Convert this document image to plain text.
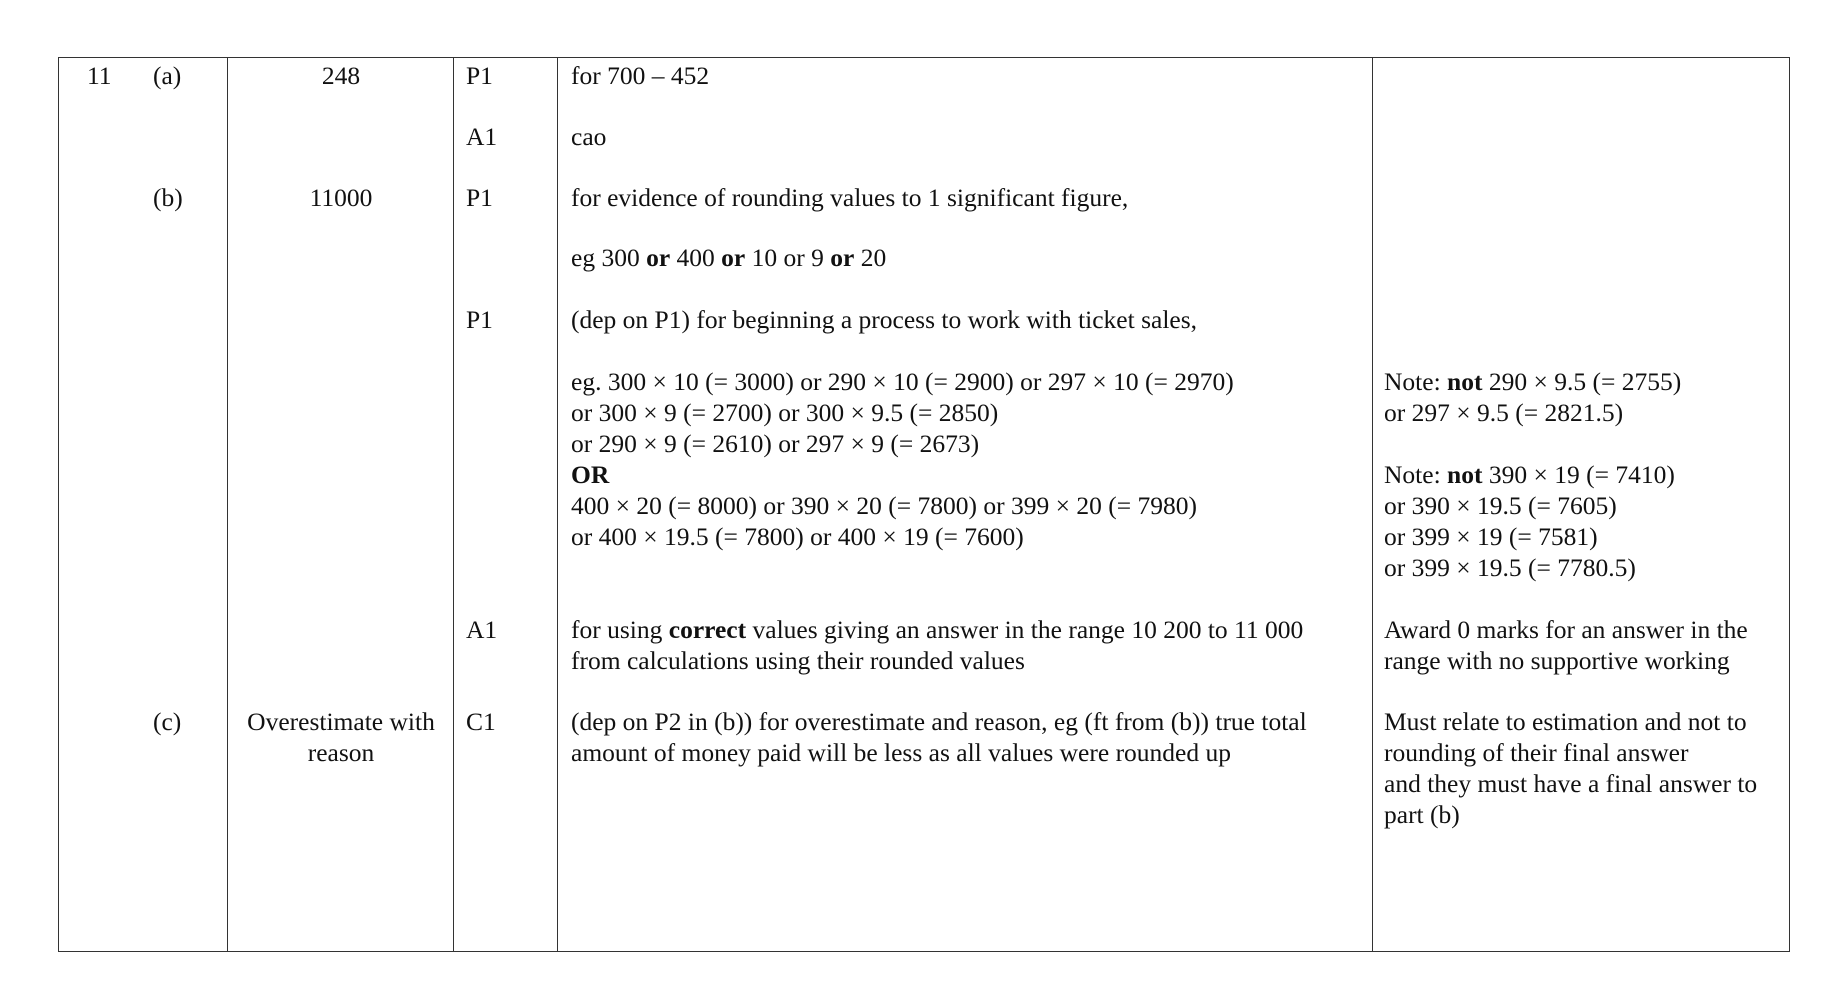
11 (a)
(b)
(c)
248
11000
Overestimate with
reason
P1
A1
P1
P1
A1
C1
for 700 – 452
cao
for evidence of rounding values to 1 significant figure,
eg 300 or 400 or 10 or 9 or 20
(dep on P1) for beginning a process to work with ticket sales,
eg. 300 × 10 (= 3000) or 290 × 10 (= 2900) or 297 × 10 (= 2970)
or 300 × 9 (= 2700) or 300 × 9.5 (= 2850)
or 290 × 9 (= 2610) or 297 × 9 (= 2673)
OR
400 × 20 (= 8000) or 390 × 20 (= 7800) or 399 × 20 (= 7980)
or 400 × 19.5 (= 7800) or 400 × 19 (= 7600)
for using correct values giving an answer in the range 10 200 to 11 000
from calculations using their rounded values
(dep on P2 in (b)) for overestimate and reason, eg (ft from (b)) true total
amount of money paid will be less as all values were rounded up
Note: not 290 × 9.5 (= 2755)
or 297 × 9.5 (= 2821.5)
Note: not 390 × 19 (= 7410)
or 390 × 19.5 (= 7605)
or 399 × 19 (= 7581)
or 399 × 19.5 (= 7780.5)
Award 0 marks for an answer in the
range with no supportive working
Must relate to estimation and not to
rounding of their final answer
and they must have a final answer to
part (b)
